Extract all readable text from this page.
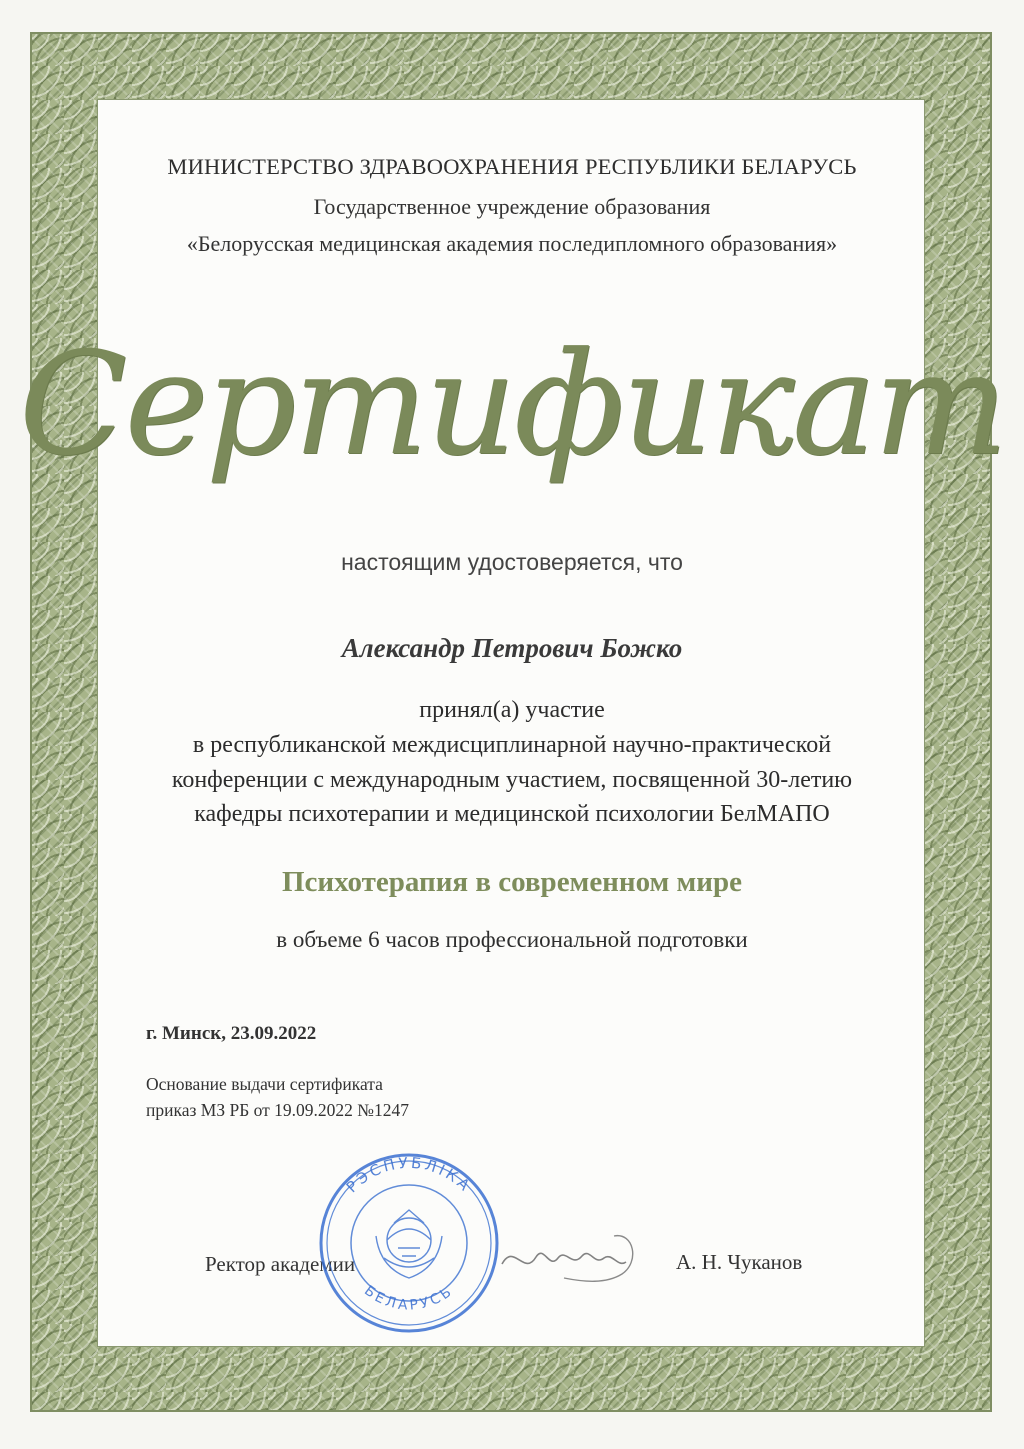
МИНИСТЕРСТВО ЗДРАВООХРАНЕНИЯ РЕСПУБЛИКИ БЕЛАРУСЬ
Государственное учреждение образования
«Белорусская медицинская академия последипломного образования»
Сертификат
настоящим удостоверяется, что
Александр Петрович Божко
принял(а) участие
в республиканской междисциплинарной научно-практической
конференции с международным участием, посвященной 30-летию
кафедры психотерапии и медицинской психологии БелМАПО
Психотерапия в современном мире
в объеме 6 часов профессиональной подготовки
г. Минск, 23.09.2022
Основание выдачи сертификата
приказ МЗ РБ от 19.09.2022 №1247
Ректор академии
РЭСПУБЛІКА
БЕЛАРУСЬ
А. Н. Чуканов
